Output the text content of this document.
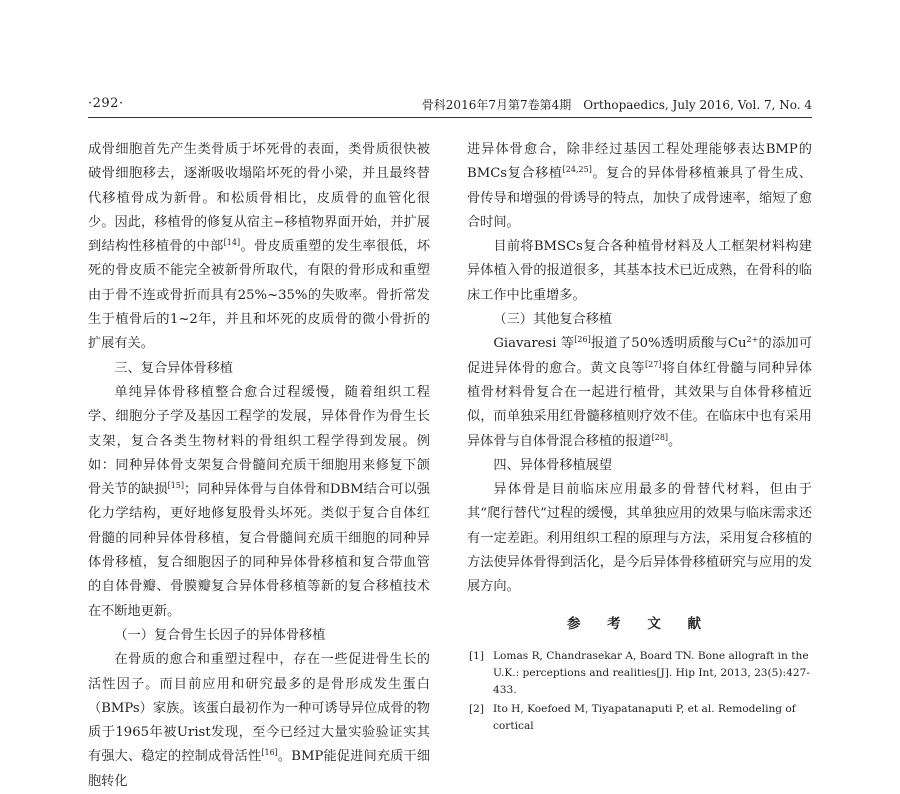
·292·	骨科2016年7月第7卷第4期　Orthopaedics, July 2016, Vol. 7, No. 4

成骨细胞首先产生类骨质于坏死骨的表面，类骨质很快被破骨细胞移去，逐渐吸收塌陷坏死的骨小梁，并且最终替代移植骨成为新骨。和松质骨相比，皮质骨的血管化很少。因此，移植骨的修复从宿主−移植物界面开始，并扩展到结构性移植骨的中部[14]。骨皮质重塑的发生率很低，坏死的骨皮质不能完全被新骨所取代，有限的骨形成和重塑由于骨不连或骨折而具有25%~35%的失败率。骨折常发生于植骨后的1~2年，并且和坏死的皮质骨的微小骨折的扩展有关。

三、复合异体骨移植

单纯异体骨移植整合愈合过程缓慢，随着组织工程学、细胞分子学及基因工程学的发展，异体骨作为骨生长支架，复合各类生物材料的骨组织工程学得到发展。例如：同种异体骨支架复合骨髓间充质干细胞用来修复下颌骨关节的缺损[15]；同种异体骨与自体骨和DBM结合可以强化力学结构，更好地修复股骨头坏死。类似于复合自体红骨髓的同种异体骨移植，复合骨髓间充质干细胞的同种异体骨移植，复合细胞因子的同种异体骨移植和复合带血管的自体骨瓣、骨膜瓣复合异体骨移植等新的复合移植技术在不断地更新。

（一）复合骨生长因子的异体骨移植

在骨质的愈合和重塑过程中，存在一些促进骨生长的活性因子。而目前应用和研究最多的是骨形成发生蛋白（BMPs）家族。该蛋白最初作为一种可诱导异位成骨的物质于1965年被Urist发现，至今已经过大量实验验证实其有强大、稳定的控制成骨活性[16]。BMP能促进间充质干细胞转化

进异体骨愈合，除非经过基因工程处理能够表达BMP的BMCs复合移植[24,25]。复合的异体骨移植兼具了骨生成、骨传导和增强的骨诱导的特点，加快了成骨速率，缩短了愈合时间。

目前将BMSCs复合各种植骨材料及人工框架材料构建异体植入骨的报道很多，其基本技术已近成熟，在骨科的临床工作中比重增多。

（三）其他复合移植

Giavaresi 等[26]报道了50%透明质酸与$Cu^{2+}$的添加可促进异体骨的愈合。黄文良等[27]将自体红骨髓与同种异体植骨材料骨复合在一起进行植骨，其效果与自体骨移植近似，而单独采用红骨髓移植则疗效不佳。在临床中也有采用异体骨与自体骨混合移植的报道[28]。

四、异体骨移植展望

异体骨是目前临床应用最多的骨替代材料，但由于其“爬行替代”过程的缓慢，其单独应用的效果与临床需求还有一定差距。利用组织工程的原理与方法，采用复合移植的方法使异体骨得到活化，是今后异体骨移植研究与应用的发展方向。

参 考 文 献

[1] Lomas R, Chandrasekar A, Board TN. Bone allograft in the U.K.: perceptions and realities[J]. Hip Int, 2013, 23(5):427-433.

[2] Ito H, Koefoed M, Tiyapatanaputi P, et al. Remodeling of cortical
